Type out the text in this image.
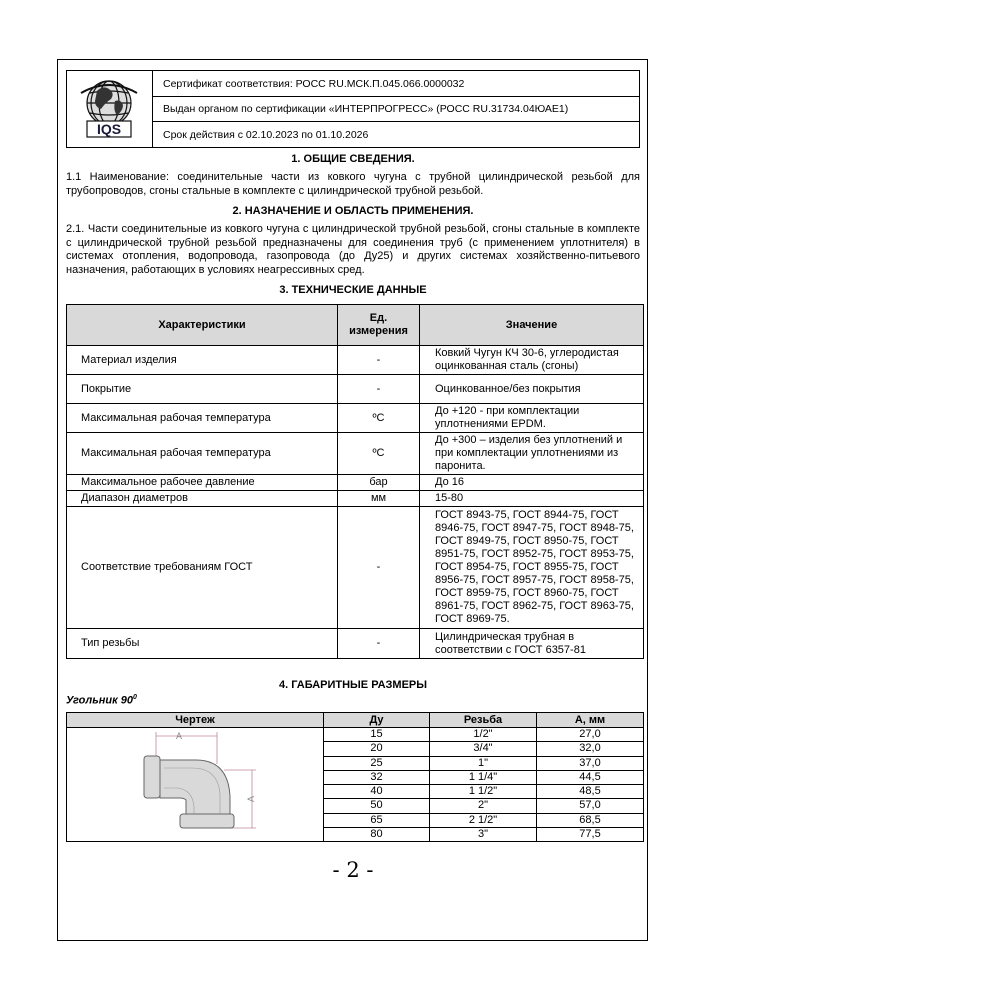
IQS
Сертификат соответствия: РОСС RU.МСК.П.045.066.0000032
Выдан органом по сертификации «ИНТЕРПРОГРЕСС» (РОСС RU.31734.04ЮАЕ1)
Срок действия с 02.10.2023 по 01.10.2026
1. ОБЩИЕ СВЕДЕНИЯ.

1.1 Наименование: соединительные части из ковкого чугуна с трубной цилиндрической резьбой для трубопроводов, сгоны стальные в комплекте с цилиндрической трубной резьбой.

2. НАЗНАЧЕНИЕ И ОБЛАСТЬ ПРИМЕНЕНИЯ.

2.1. Части соединительные из ковкого чугуна с цилиндрической трубной резьбой, сгоны стальные в комплекте с цилиндрической трубной резьбой предназначены для соединения труб (с применением уплотнителя) в системах отопления, водопровода, газопровода (до Ду25) и других системах хозяйственно-питьевого назначения, работающих в условиях неагрессивных сред.

3. ТЕХНИЧЕСКИЕ ДАННЫЕ
Характеристики	Ед. измерения	Значение
Материал изделия	-	Ковкий Чугун КЧ 30-6, углеродистая оцинкованная сталь (сгоны)
Покрытие	-	Оцинкованное/без покрытия
Максимальная рабочая температура	ºС	До +120 - при комплектации уплотнениями EPDM.
Максимальная рабочая температура	ºС	До +300 – изделия без уплотнений и при комплектации уплотнениями из паронита.
Максимальное рабочее давление	бар	До 16
Диапазон диаметров	мм	15-80
Соответствие требованиям ГОСТ	-	ГОСТ 8943-75, ГОСТ 8944-75, ГОСТ 8946-75, ГОСТ 8947-75, ГОСТ 8948-75, ГОСТ 8949-75, ГОСТ 8950-75, ГОСТ 8951-75, ГОСТ 8952-75, ГОСТ 8953-75, ГОСТ 8954-75, ГОСТ 8955-75, ГОСТ 8956-75, ГОСТ 8957-75, ГОСТ 8958-75, ГОСТ 8959-75, ГОСТ 8960-75, ГОСТ 8961-75, ГОСТ 8962-75, ГОСТ 8963-75, ГОСТ 8969-75.
Тип резьбы	-	Цилиндрическая трубная в соответствии с ГОСТ 6357-81
4. ГАБАРИТНЫЕ РАЗМЕРЫ
Угольник $90^0$
Чертеж	Ду	Резьба	А, мм

A
A	15	1/2"	27,0
	20	3/4"	32,0
	25	1"	37,0
	32	1 1/4"	44,5
	40	1 1/2"	48,5
	50	2"	57,0
	65	2 1/2"	68,5
	80	3"	77,5
- 2 -
